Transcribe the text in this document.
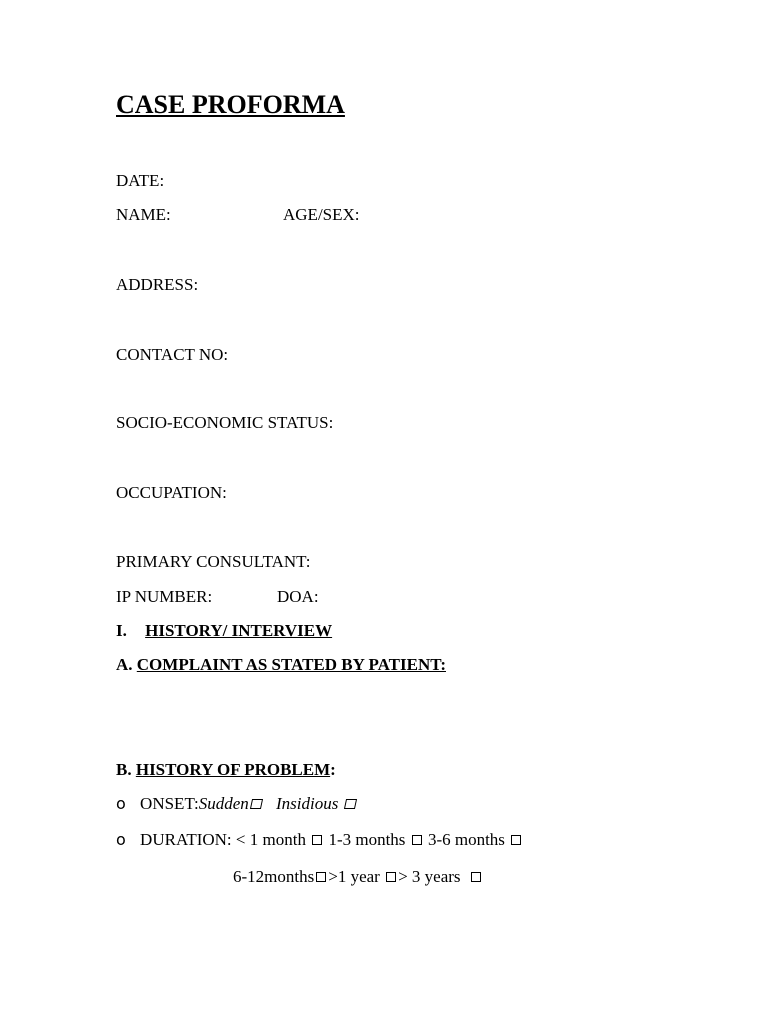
CASE PROFORMA
DATE:
NAME:	AGE/SEX:
ADDRESS:
CONTACT NO:
SOCIO-ECONOMIC STATUS:
OCCUPATION:
PRIMARY CONSULTANT:
IP NUMBER:	DOA:
I. HISTORY/ INTERVIEW
A. COMPLAINT AS STATED BY PATIENT:
B. HISTORY OF PROBLEM:
o ONSET:Sudden Insidious
o DURATION: < 1 month 1-3 months 3-6 months
6-12months >1 year > 3 years
